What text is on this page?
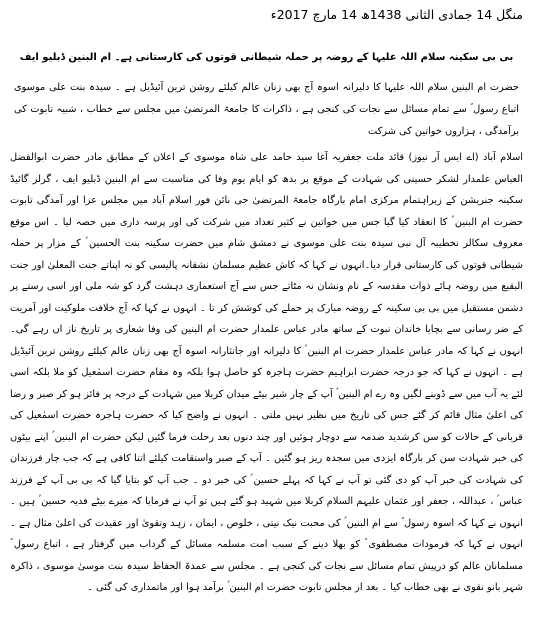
منگل 14 جمادی الثانی 1438ھ 14 مارچ 2017ء
بی بی سکینہ سلام اللہ علیہا کے روضہ پر حملہ شیطانی قوتوں کی کارستانی ہے۔ ام البنین ڈبلیو ایف
حضرت ام البنین سلام اللہ علیہا کا دلیرانہ اسوہ آج بھی زنان عالم کیلئے روشن ترین آئیڈیل ہے ۔ سیدہ بنت علی موسوی اتباع رسول ؐ سے تمام مسائل سے نجات کی کنجی ہے ، ذاکرات کا جامعۃ المرتضیٰ میں مجلس سے خطاب ، شبیہ تابوت کی برآمدگی ، ہزاروں خواتین کی شرکت
اسلام آباد (اے ایس آر نیوز) قائد ملت جعفریہ آغا سید حامد علی شاہ موسوی کے اعلان کے مطابق مادر حضرت ابوالفضل العباس علمدار لشکر حسینی کی شہادت کے موقع پر بدھ کو ایام یوم وفا کی مناسبت سے ام البنین ڈبلیو ایف ، گرلز گائیڈ سکینہ جنریشن کے زیراہتمام مرکزی امام بارگاہ جامعۃ المرتضیٰ جی نائن فور اسلام آباد میں مجلس عزا اور آمدگی تابوت حضرت ام البنین ؑ کا انعقاد کیا گیا جس میں خواتین نے کثیر تعداد میں شرکت کی اور پرسہ داری میں حصہ لیا ۔ اس موقع معروف سکالر نخطیبہ آل نبی سیدہ بنت علی موسوی نے دمشق شام میں حضرت سکینہ بنت الحسین ؑ کے مزار پر حملہ شیطانی قوتوں کی کارستانی قرار دیا۔انہوں نے کہا کہ کاش عظیم مسلمان نشقانہ پالیسی کو نہ اپناتے جنت المعلیٰ اور جنت البقیع میں روضہ ہائے ذوات مقدسہ کے نام ونشان نہ مٹاتے جس سے آج استعماری دہشت گرد کو شہ ملی اور اسی رستے پر دشمن مستقبل میں بی بی سکینہ کے روضہ مبارک پر حملے کی کوشش کر تا ۔ انہوں نے کہا کہ آج خلافت ملوکیت اور آمریت کے ضر رسانی سے بچایا خاندان نبوت کے ساتھ مادر عباس علمدار حضرت ام البنین کی وفا شعاری پر تاریخ ناز اں رہے گی۔انہوں نے کہا کہ مادر عباس علمدار حضرت ام البنین ؑ کا دلیرانہ اور جانثارانہ اسوہ آج بھی زنان عالم کیلئے روشن ترین آئیڈیل ہے ۔ انہوں نے کہا کہ جو درجہ حضرت ابراہیم حضرت ہاجرہ کو حاصل ہوا بلکہ وہ مقام حضرت اسمٰعیل کو ملا بلکہ اسی لئے یہ آب میں سے ڈوبنے لگیں وہ رے ام البنین ؑ آپ کے چار شیر بیٹے میدان کربلا میں شہادت کے درجہ پر فائز ہو کر صبر و رضا کی اعلیٰ مثال قائم کر گئے جس کی تاریخ میں نظیر نہیں ملتی ۔ انہوں نے واضح کیا کہ حضرت ہاجرہ حضرت اسمٰعیل کی قربانی کے حالات کو سن کرشدید صدمہ سے دوچار ہوئیں اور چند دنوں بعد رحلت فرما گئیں لیکن حضرت ام البنین ؑ اپنے بیٹوں کی خبر شہادت سن کر بارگاہ ایزدی میں سجدہ ریز ہو گئیں ۔ آپ کے صبر واستقامت کیلئے اتنا کافی ہے کہ جب چار فرزندان کی شہادت کی خبر آپ کو دی گئی تو آپ نے کہا کہ پہلے حسین ؑ کی خبر دو ۔ جب آپ کو بتایا گیا کہ بی بی آپ کے فرزند عباس ؑ ، عبداللہ ، جعفر اور عثمان علیہم السلام کربلا میں شہید ہو گئے ہیں تو آپ نے فرمایا کہ میرے بیٹے فدیہ حسین ؑ ہیں ۔ انہوں نے کہا کہ اسوہ رسول ؐ سے ام البنین ؑ کی محبت نیک نیتی ، خلوص ، ایمان ، زہد وتقویٰ اور عقیدت کی اعلیٰ مثال ہے ۔ انہوں نے کہا کہ فرمودات مصطفوی ؐ کو بھلا دینے کے سبب امت مسلمہ مسائل کے گرداب میں گرفتار ہے ، اتباع رسول ؐ مسلمانان عالم کو درپیش تمام مسائل سے نجات کی کنجی ہے ۔ مجلس سے عمدۃ الحفاظ سیدہ بنت موسیٰ موسوی ، ذاکرہ شہر بانو نقوی نے بھی خطاب کیا ۔ بعد از مجلس تابوت حضرت ام البنین ؑ برآمد ہوا اور ماتمداری کی گئی ۔
